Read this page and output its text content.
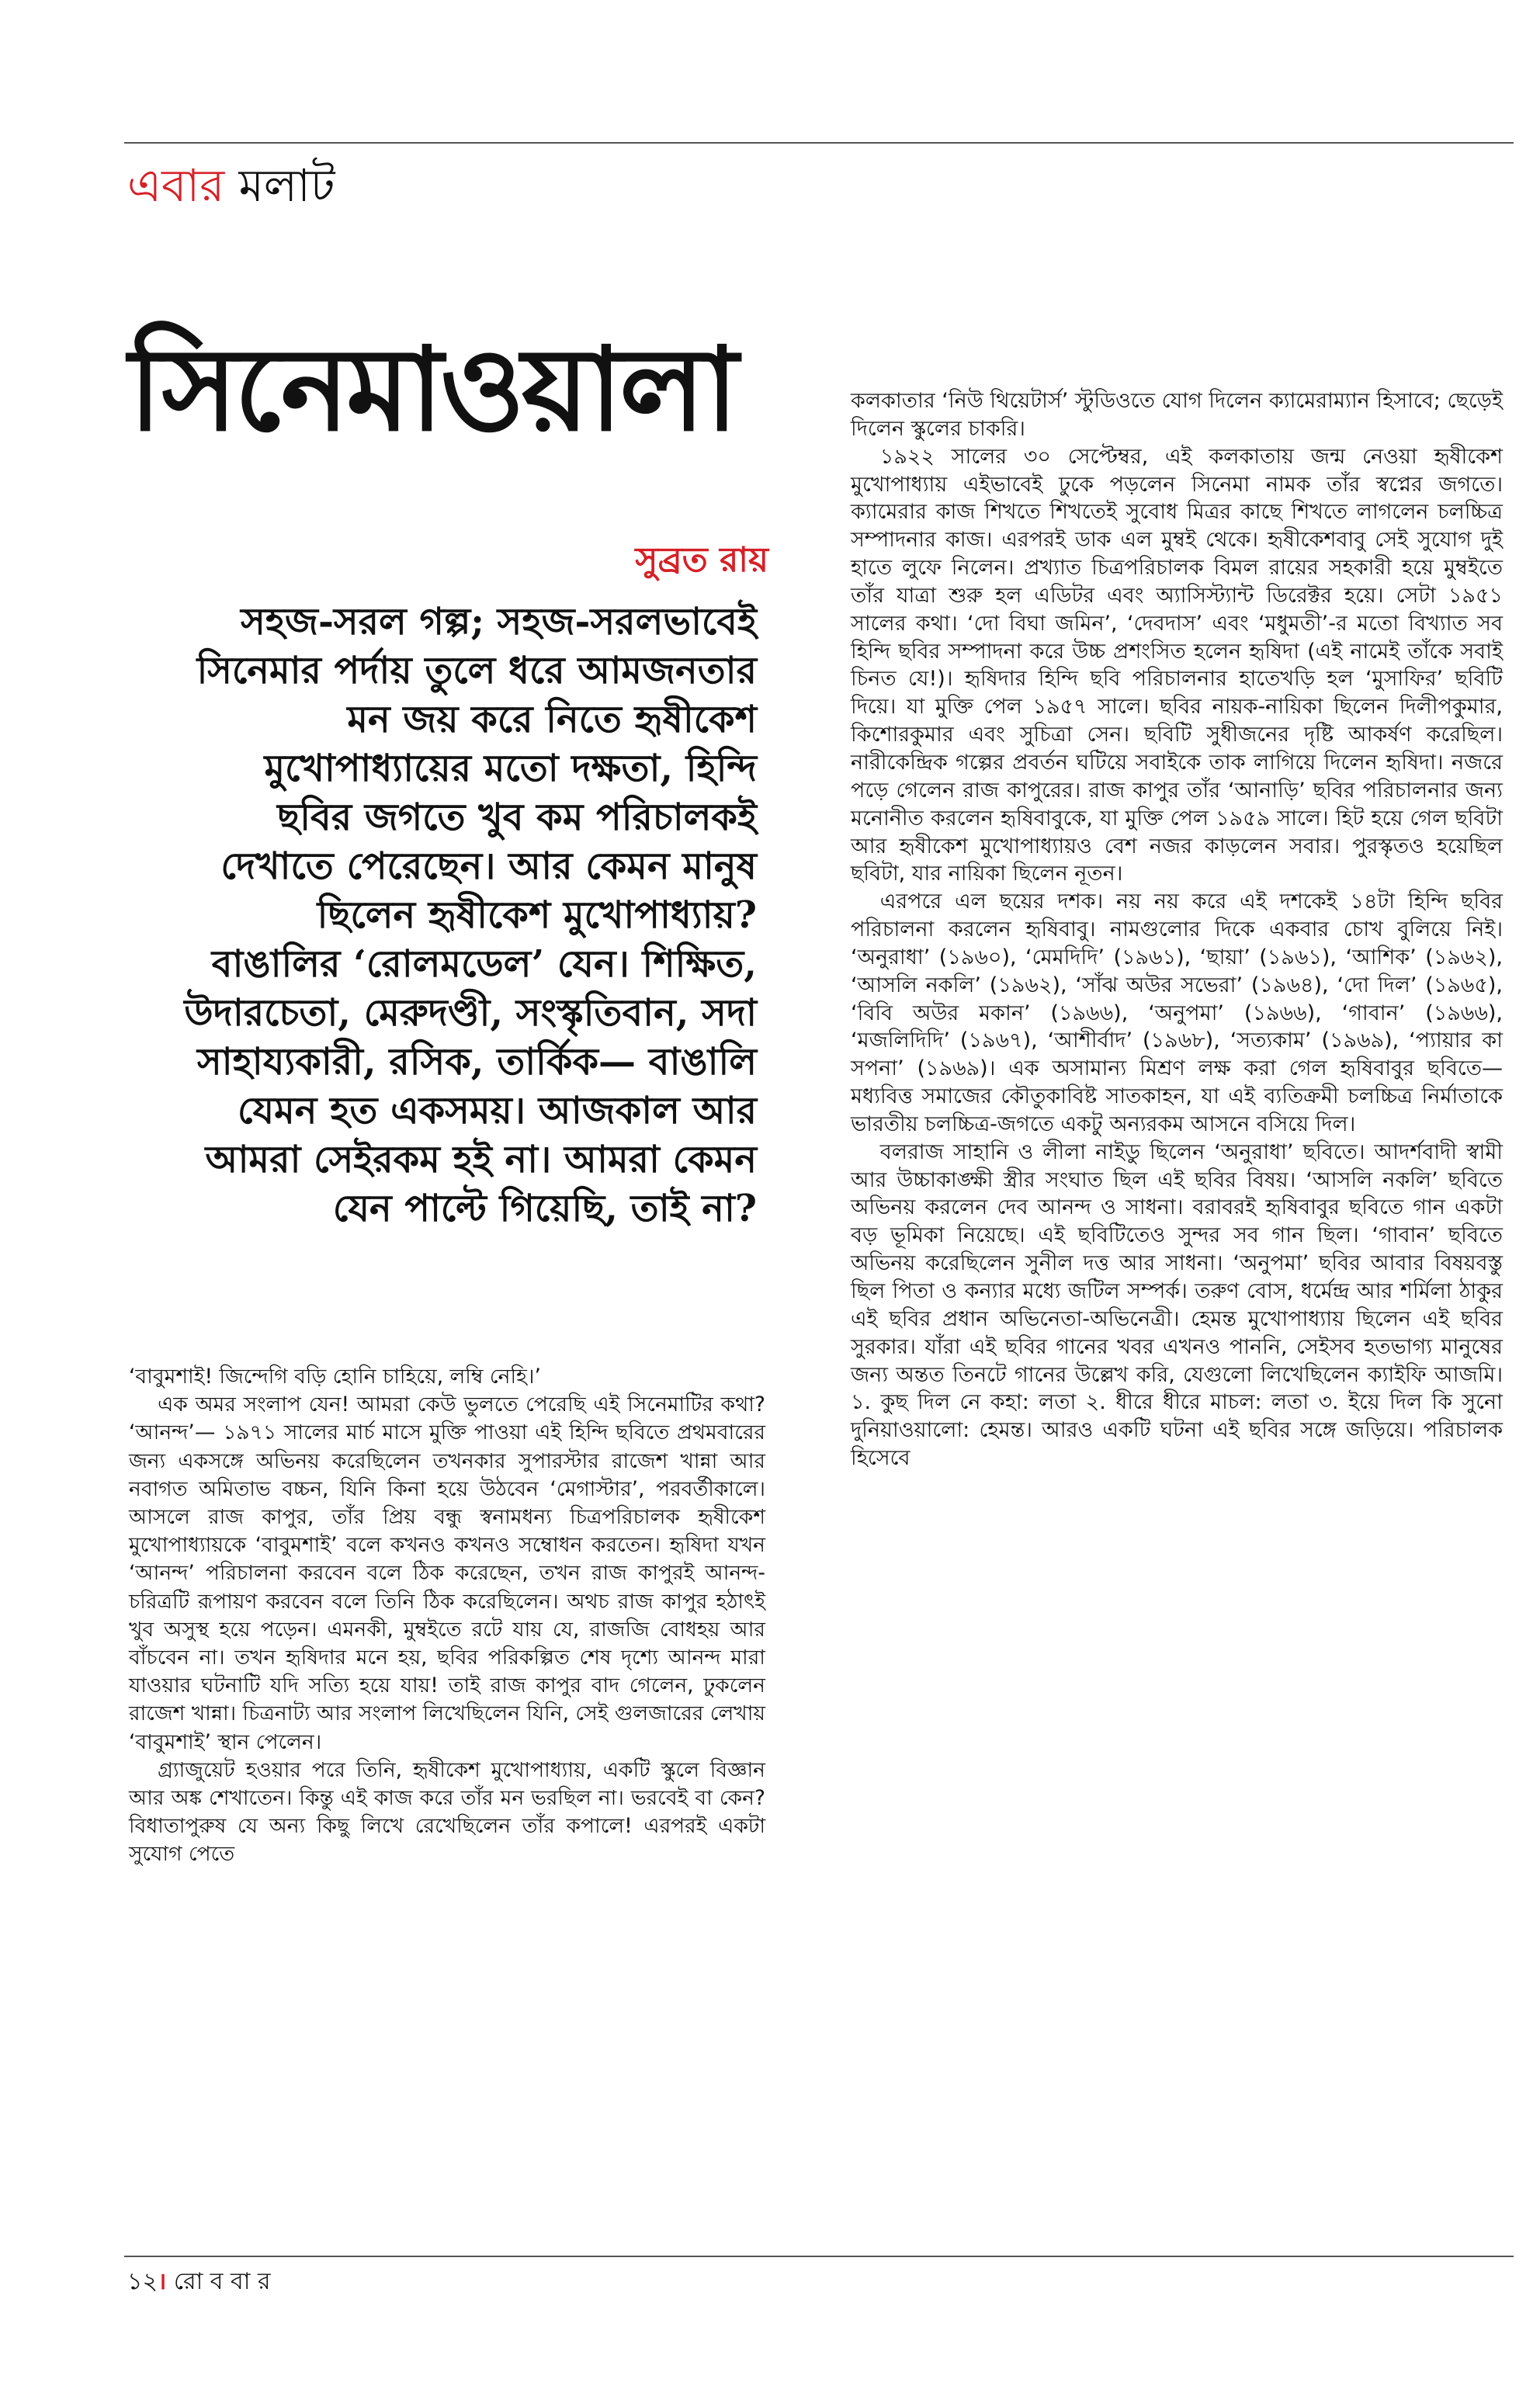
এবার মলাট
সিনেমাওয়ালা
সুব্রত রায়

সহজ-সরল গল্প; সহজ-সরলভাবেই সিনেমার পর্দায় তুলে ধরে আমজনতার মন জয় করে নিতে হৃষীকেশ মুখোপাধ্যায়ের মতো দক্ষতা, হিন্দি ছবির জগতে খুব কম পরিচালকই দেখাতে পেরেছেন। আর কেমন মানুষ ছিলেন হৃষীকেশ মুখোপাধ্যায়? বাঙালির ‘রোলমডেল’ যেন। শিক্ষিত, উদারচেতা, মেরুদণ্ডী, সংস্কৃতিবান, সদা সাহায্যকারী, রসিক, তার্কিক— বাঙালি যেমন হত একসময়। আজকাল আর আমরা সেইরকম হই না। আমরা কেমন যেন পাল্টে গিয়েছি, তাই না?

‘বাবুমশাই! জিন্দেগি বড়ি হোনি চাহিয়ে, লম্বি নেহি।’

এক অমর সংলাপ যেন! আমরা কেউ ভুলতে পেরেছি এই সিনেমাটির কথা? ‘আনন্দ’— ১৯৭১ সালের মার্চ মাসে মুক্তি পাওয়া এই হিন্দি ছবিতে প্রথমবারের জন্য একসঙ্গে অভিনয় করেছিলেন তখনকার সুপারস্টার রাজেশ খান্না আর নবাগত অমিতাভ বচ্চন, যিনি কিনা হয়ে উঠবেন ‘মেগাস্টার’, পরবর্তীকালে। আসলে রাজ কাপুর, তাঁর প্রিয় বন্ধু স্বনামধন্য চিত্রপরিচালক হৃষীকেশ মুখোপাধ্যায়কে ‘বাবুমশাই’ বলে কখনও কখনও সম্বোধন করতেন। হৃষিদা যখন ‘আনন্দ’ পরিচালনা করবেন বলে ঠিক করেছেন, তখন রাজ কাপুরই আনন্দ-চরিত্রটি রূপায়ণ করবেন বলে তিনি ঠিক করেছিলেন। অথচ রাজ কাপুর হঠাৎই খুব অসুস্থ হয়ে পড়েন। এমনকী, মুম্বইতে রটে যায় যে, রাজজি বোধহয় আর বাঁচবেন না। তখন হৃষিদার মনে হয়, ছবির পরিকল্পিত শেষ দৃশ্যে আনন্দ মারা যাওয়ার ঘটনাটি যদি সত্যি হয়ে যায়! তাই রাজ কাপুর বাদ গেলেন, ঢুকলেন রাজেশ খান্না। চিত্রনাট্য আর সংলাপ লিখেছিলেন যিনি, সেই গুলজারের লেখায় ‘বাবুমশাই’ স্থান পেলেন।

গ্র্যাজুয়েট হওয়ার পরে তিনি, হৃষীকেশ মুখোপাধ্যায়, একটি স্কুলে বিজ্ঞান আর অঙ্ক শেখাতেন। কিন্তু এই কাজ করে তাঁর মন ভরছিল না। ভরবেই বা কেন? বিধাতাপুরুষ যে অন্য কিছু লিখে রেখেছিলেন তাঁর কপালে! এরপরই একটা সুযোগ পেতে

কলকাতার ‘নিউ থিয়েটার্স’ স্টুডিওতে যোগ দিলেন ক্যামেরাম্যান হিসাবে; ছেড়েই দিলেন স্কুলের চাকরি।

১৯২২ সালের ৩০ সেপ্টেম্বর, এই কলকাতায় জন্ম নেওয়া হৃষীকেশ মুখোপাধ্যায় এইভাবেই ঢুকে পড়লেন সিনেমা নামক তাঁর স্বপ্নের জগতে। ক্যামেরার কাজ শিখতে শিখতেই সুবোধ মিত্রর কাছে শিখতে লাগলেন চলচ্চিত্র সম্পাদনার কাজ। এরপরই ডাক এল মুম্বই থেকে। হৃষীকেশবাবু সেই সুযোগ দুই হাতে লুফে নিলেন। প্রখ্যাত চিত্রপরিচালক বিমল রায়ের সহকারী হয়ে মুম্বইতে তাঁর যাত্রা শুরু হল এডিটর এবং অ্যাসিস্ট্যান্ট ডিরেক্টর হয়ে। সেটা ১৯৫১ সালের কথা। ‘দো বিঘা জমিন’, ‘দেবদাস’ এবং ‘মধুমতী’-র মতো বিখ্যাত সব হিন্দি ছবির সম্পাদনা করে উচ্চ প্রশংসিত হলেন হৃষিদা (এই নামেই তাঁকে সবাই চিনত যে!)। হৃষিদার হিন্দি ছবি পরিচালনার হাতেখড়ি হল ‘মুসাফির’ ছবিটি দিয়ে। যা মুক্তি পেল ১৯৫৭ সালে। ছবির নায়ক-নায়িকা ছিলেন দিলীপকুমার, কিশোরকুমার এবং সুচিত্রা সেন। ছবিটি সুধীজনের দৃষ্টি আকর্ষণ করেছিল। নারীকেন্দ্রিক গল্পের প্রবর্তন ঘটিয়ে সবাইকে তাক লাগিয়ে দিলেন হৃষিদা। নজরে পড়ে গেলেন রাজ কাপুরের। রাজ কাপুর তাঁর ‘আনাড়ি’ ছবির পরিচালনার জন্য মনোনীত করলেন হৃষিবাবুকে, যা মুক্তি পেল ১৯৫৯ সালে। হিট হয়ে গেল ছবিটা আর হৃষীকেশ মুখোপাধ্যায়ও বেশ নজর কাড়লেন সবার। পুরস্কৃতও হয়েছিল ছবিটা, যার নায়িকা ছিলেন নূতন।

এরপরে এল ছয়ের দশক। নয় নয় করে এই দশকেই ১৪টা হিন্দি ছবির পরিচালনা করলেন হৃষিবাবু। নামগুলোর দিকে একবার চোখ বুলিয়ে নিই। ‘অনুরাধা’ (১৯৬০), ‘মেমদিদি’ (১৯৬১), ‘ছায়া’ (১৯৬১), ‘আশিক’ (১৯৬২), ‘আসলি নকলি’ (১৯৬২), ‘সাঁঝ অউর সভেরা’ (১৯৬৪), ‘দো দিল’ (১৯৬৫), ‘বিবি অউর মকান’ (১৯৬৬), ‘অনুপমা’ (১৯৬৬), ‘গাবান’ (১৯৬৬), ‘মজলিদিদি’ (১৯৬৭), ‘আশীর্বাদ’ (১৯৬৮), ‘সত্যকাম’ (১৯৬৯), ‘প্যায়ার কা সপনা’ (১৯৬৯)। এক অসামান্য মিশ্রণ লক্ষ করা গেল হৃষিবাবুর ছবিতে— মধ্যবিত্ত সমাজের কৌতুকাবিষ্ট সাতকাহন, যা এই ব্যতিক্রমী চলচ্চিত্র নির্মাতাকে ভারতীয় চলচ্চিত্র-জগতে একটু অন্যরকম আসনে বসিয়ে দিল।

বলরাজ সাহানি ও লীলা নাইডু ছিলেন ‘অনুরাধা’ ছবিতে। আদর্শবাদী স্বামী আর উচ্চাকাঙ্ক্ষী স্ত্রীর সংঘাত ছিল এই ছবির বিষয়। ‘আসলি নকলি’ ছবিতে অভিনয় করলেন দেব আনন্দ ও সাধনা। বরাবরই হৃষিবাবুর ছবিতে গান একটা বড় ভূমিকা নিয়েছে। এই ছবিটিতেও সুন্দর সব গান ছিল। ‘গাবান’ ছবিতে অভিনয় করেছিলেন সুনীল দত্ত আর সাধনা। ‘অনুপমা’ ছবির আবার বিষয়বস্তু ছিল পিতা ও কন্যার মধ্যে জটিল সম্পর্ক। তরুণ বোস, ধর্মেন্দ্র আর শর্মিলা ঠাকুর এই ছবির প্রধান অভিনেতা-অভিনেত্রী। হেমন্ত মুখোপাধ্যায় ছিলেন এই ছবির সুরকার। যাঁরা এই ছবির গানের খবর এখনও পাননি, সেইসব হতভাগ্য মানুষের জন্য অন্তত তিনটে গানের উল্লেখ করি, যেগুলো লিখেছিলেন ক্যাইফি আজমি। ১. কুছ দিল নে কহা: লতা ২. ধীরে ধীরে মাচল: লতা ৩. ইয়ে দিল কি সুনো দুনিয়াওয়ালো: হেমন্ত। আরও একটি ঘটনা এই ছবির সঙ্গে জড়িয়ে। পরিচালক হিসেবে

১২। রো ব বা র
